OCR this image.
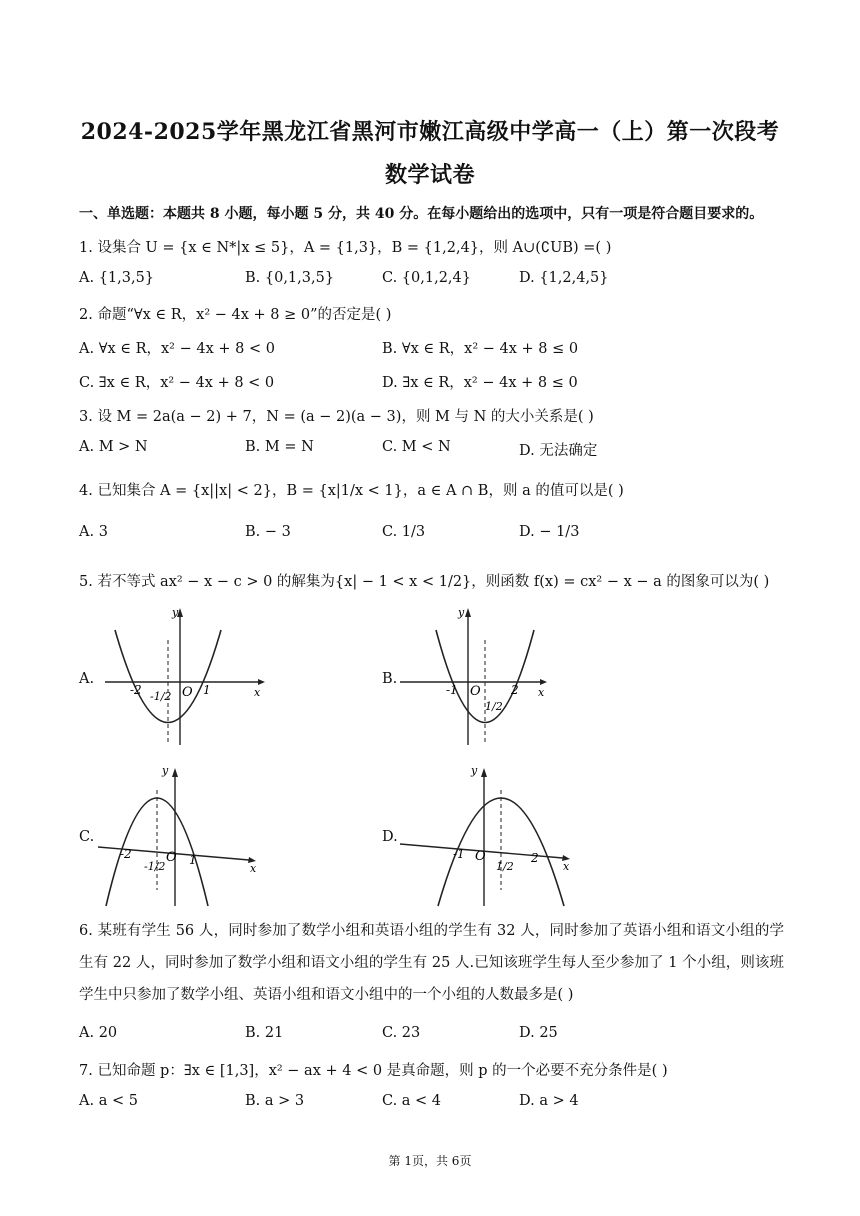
2024-2025学年黑龙江省黑河市嫩江高级中学高一（上）第一次段考
数学试卷
一、单选题：本题共 8 小题，每小题 5 分，共 40 分。在每小题给出的选项中，只有一项是符合题目要求的。
1. 设集合 U = {x ∈ N*|x ≤ 5}，A = {1,3}，B = {1,2,4}，则 A∪(∁UB) =( )
A. {1,3,5}	B. {0,1,3,5}	C. {0,1,2,4}	D. {1,2,4,5}
2. 命题“∀x ∈ R，x² − 4x + 8 ≥ 0”的否定是( )
A. ∀x ∈ R，x² − 4x + 8 < 0	B. ∀x ∈ R，x² − 4x + 8 ≤ 0
C. ∃x ∈ R，x² − 4x + 8 < 0	D. ∃x ∈ R，x² − 4x + 8 ≤ 0
3. 设 M = 2a(a − 2) + 7，N = (a − 2)(a − 3)，则 M 与 N 的大小关系是( )
A. M > N	B. M = N	C. M < N	D. 无法确定
4. 已知集合 A = {x||x| < 2}，B = {x|1/x < 1}，a ∈ A ∩ B，则 a 的值可以是( )
A. 3	B. − 3	C. 1/3	D. − 1/3
5. 若不等式 ax² − x − c > 0 的解集为{x| − 1 < x < 1/2}，则函数 f(x) = cx² − x − a 的图象可以为( )
A.	B.
C.	D.
y
x
O
-2	1
-1/2
y
x
O
-1	2
1/2
y
x
O
-2	1
-1/2
y
x
O
-1	2
1/2
6. 某班有学生 56 人，同时参加了数学小组和英语小组的学生有 32 人，同时参加了英语小组和语文小组的学生有 22 人，同时参加了数学小组和语文小组的学生有 25 人.已知该班学生每人至少参加了 1 个小组，则该班学生中只参加了数学小组、英语小组和语文小组中的一个小组的人数最多是( )
A. 20	B. 21	C. 23	D. 25
7. 已知命题 p：∃x ∈ [1,3]，x² − ax + 4 < 0 是真命题，则 p 的一个必要不充分条件是( )
A. a < 5	B. a > 3	C. a < 4	D. a > 4
第 1页，共 6页
